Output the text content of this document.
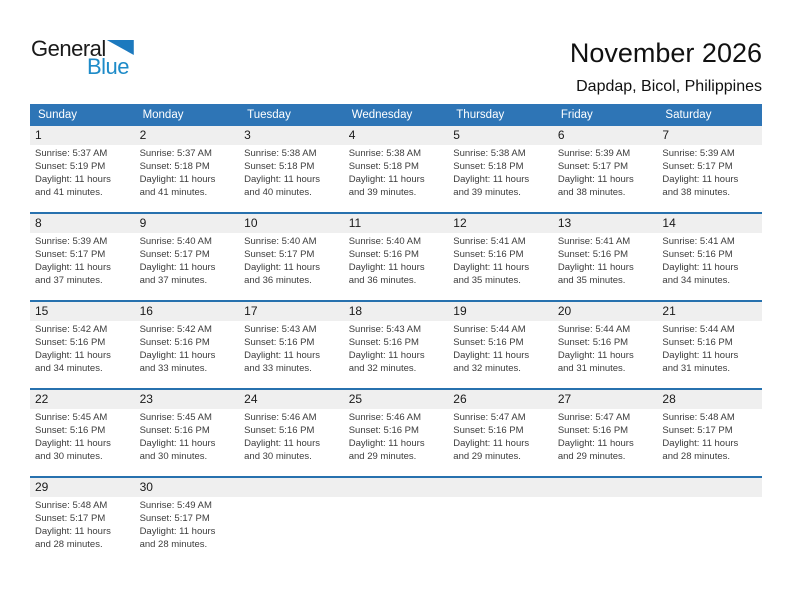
General
Blue	November 2026
Dapdap, Bicol, Philippines
Sunday	Monday	Tuesday	Wednesday	Thursday	Friday	Saturday
1	2	3	4	5	6	7
Sunrise: 5:37 AM
Sunset: 5:19 PM
Daylight: 11 hours and 41 minutes.
Sunrise: 5:37 AM
Sunset: 5:18 PM
Daylight: 11 hours and 41 minutes.
Sunrise: 5:38 AM
Sunset: 5:18 PM
Daylight: 11 hours and 40 minutes.
Sunrise: 5:38 AM
Sunset: 5:18 PM
Daylight: 11 hours and 39 minutes.
Sunrise: 5:38 AM
Sunset: 5:18 PM
Daylight: 11 hours and 39 minutes.
Sunrise: 5:39 AM
Sunset: 5:17 PM
Daylight: 11 hours and 38 minutes.
Sunrise: 5:39 AM
Sunset: 5:17 PM
Daylight: 11 hours and 38 minutes.
8	9	10	11	12	13	14
Sunrise: 5:39 AM
Sunset: 5:17 PM
Daylight: 11 hours and 37 minutes.
Sunrise: 5:40 AM
Sunset: 5:17 PM
Daylight: 11 hours and 37 minutes.
Sunrise: 5:40 AM
Sunset: 5:17 PM
Daylight: 11 hours and 36 minutes.
Sunrise: 5:40 AM
Sunset: 5:16 PM
Daylight: 11 hours and 36 minutes.
Sunrise: 5:41 AM
Sunset: 5:16 PM
Daylight: 11 hours and 35 minutes.
Sunrise: 5:41 AM
Sunset: 5:16 PM
Daylight: 11 hours and 35 minutes.
Sunrise: 5:41 AM
Sunset: 5:16 PM
Daylight: 11 hours and 34 minutes.
15	16	17	18	19	20	21
Sunrise: 5:42 AM
Sunset: 5:16 PM
Daylight: 11 hours and 34 minutes.
Sunrise: 5:42 AM
Sunset: 5:16 PM
Daylight: 11 hours and 33 minutes.
Sunrise: 5:43 AM
Sunset: 5:16 PM
Daylight: 11 hours and 33 minutes.
Sunrise: 5:43 AM
Sunset: 5:16 PM
Daylight: 11 hours and 32 minutes.
Sunrise: 5:44 AM
Sunset: 5:16 PM
Daylight: 11 hours and 32 minutes.
Sunrise: 5:44 AM
Sunset: 5:16 PM
Daylight: 11 hours and 31 minutes.
Sunrise: 5:44 AM
Sunset: 5:16 PM
Daylight: 11 hours and 31 minutes.
22	23	24	25	26	27	28
Sunrise: 5:45 AM
Sunset: 5:16 PM
Daylight: 11 hours and 30 minutes.
Sunrise: 5:45 AM
Sunset: 5:16 PM
Daylight: 11 hours and 30 minutes.
Sunrise: 5:46 AM
Sunset: 5:16 PM
Daylight: 11 hours and 30 minutes.
Sunrise: 5:46 AM
Sunset: 5:16 PM
Daylight: 11 hours and 29 minutes.
Sunrise: 5:47 AM
Sunset: 5:16 PM
Daylight: 11 hours and 29 minutes.
Sunrise: 5:47 AM
Sunset: 5:16 PM
Daylight: 11 hours and 29 minutes.
Sunrise: 5:48 AM
Sunset: 5:17 PM
Daylight: 11 hours and 28 minutes.
29	30
Sunrise: 5:48 AM
Sunset: 5:17 PM
Daylight: 11 hours and 28 minutes.
Sunrise: 5:49 AM
Sunset: 5:17 PM
Daylight: 11 hours and 28 minutes.
